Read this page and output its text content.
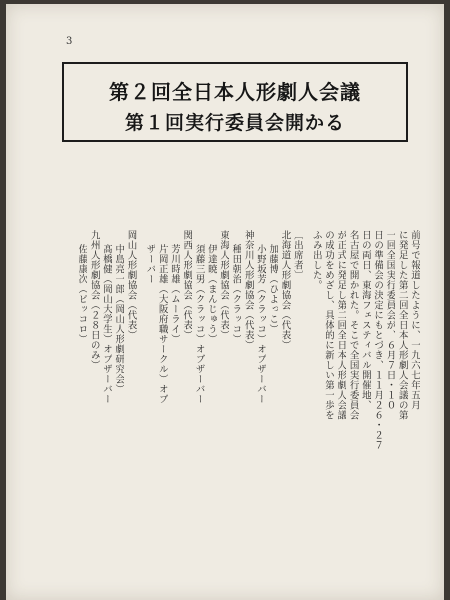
3
第２回全日本人形劇人会議
第１回実行委員会開かる
前号で報道したように、一九六七年五月
に発足した第二回全日本人形劇人会議の第
一回全国実行委員会が、６月７日・１０
日の準備会の決定にもとづき、１１月２６・２７
日の両日、東海フェスティバル開催地、
名古屋で開かれた。そこで全国実行委員会
が正式に発足し第二回全日本人形劇人会議
の成功をめざし、具体的に新しい第一歩を
ふみ出した。
〔出席者〕
北海道人形劇協会（代表）
加藤博（ひよっこ）
小野坂芳（クラッコ）オブザーバー
神奈川人形劇協会（代表）
種田朝治（クラッコ）
東海人形劇協会（代表）
伊達暁（まんじゅう）
須藤三男（クラッコ）オブザーバー
関西人形劇協会（代表）
芳川時雄（ムーライ）
片岡正雄（大阪府職サークル）オブ
ザーバー
岡山人形劇協会（代表）
中島亮一郎（岡山人形劇研究会）
髙橋健（岡山大学生）オブザーバー
九州人形劇協会（２８日のみ）
佐藤康次（ピッコロ）
